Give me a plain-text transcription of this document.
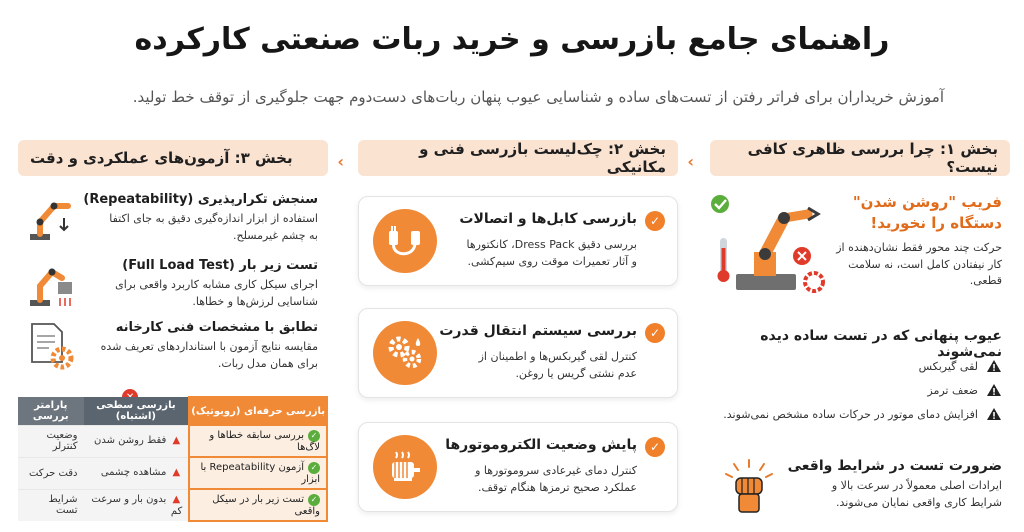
راهنمای جامع بازرسی و خرید ربات صنعتی کارکرده
آموزش خریداران برای فراتر رفتن از تست‌های ساده و شناسایی عیوب پنهان ربات‌های دست‌دوم جهت جلوگیری از توقف خط تولید.
›
›
بخش ۱: چرا بررسی ظاهری کافی نیست؟
فریب "روشن شدن" دستگاه را نخورید!
حرکت چند محور فقط نشان‌دهنده از کار نیفتادن کامل است، نه سلامت قطعی.
عیوب پنهانی که در تست ساده دیده نمی‌شوند
لقی گیربکس
ضعف ترمز
افزایش دمای موتور در حرکات ساده مشخص نمی‌شوند.
ضرورت تست در شرایط واقعی
ایرادات اصلی معمولاً در سرعت بالا و شرایط کاری واقعی نمایان می‌شوند.
بخش ۲: چک‌لیست بازرسی فنی و مکانیکی
✓
بازرسی کابل‌ها و اتصالات
بررسی دقیق Dress Pack، کانکتورها و آثار تعمیرات موقت روی سیم‌کشی.
✓
بررسی سیستم انتقال قدرت
کنترل لقی گیربکس‌ها و اطمینان از عدم نشتی گریس یا روغن.
✓
پایش وضعیت الکتروموتورها
کنترل دمای غیرعادی سروموتورها و عملکرد صحیح ترمزها هنگام توقف.
بخش ۳: آزمون‌های عملکردی و دقت
سنجش تکرارپذیری (Repeatability)
استفاده از ابزار اندازه‌گیری دقیق به جای اکتفا به چشم غیرمسلح.
تست زیر بار (Full Load Test)
اجرای سیکل کاری مشابه کاربرد واقعی برای شناسایی لرزش‌ها و خطاها.
تطابق با مشخصات فنی کارخانه
مقایسه نتایج آزمون با استانداردهای تعریف شده برای همان مدل ربات.
بازرسی حرفه‌ای (روبوتیک)	بازرسی سطحی (اشتباه)	پارامتر بررسی
✓بررسی سابقه خطاها و لاگ‌ها	▲فقط روشن شدن	وضعیت کنترلر
✓آزمون Repeatability با ابزار	▲مشاهده چشمی	دقت حرکت
✓تست زیر بار در سیکل واقعی	▲بدون بار و سرعت کم	شرایط تست
